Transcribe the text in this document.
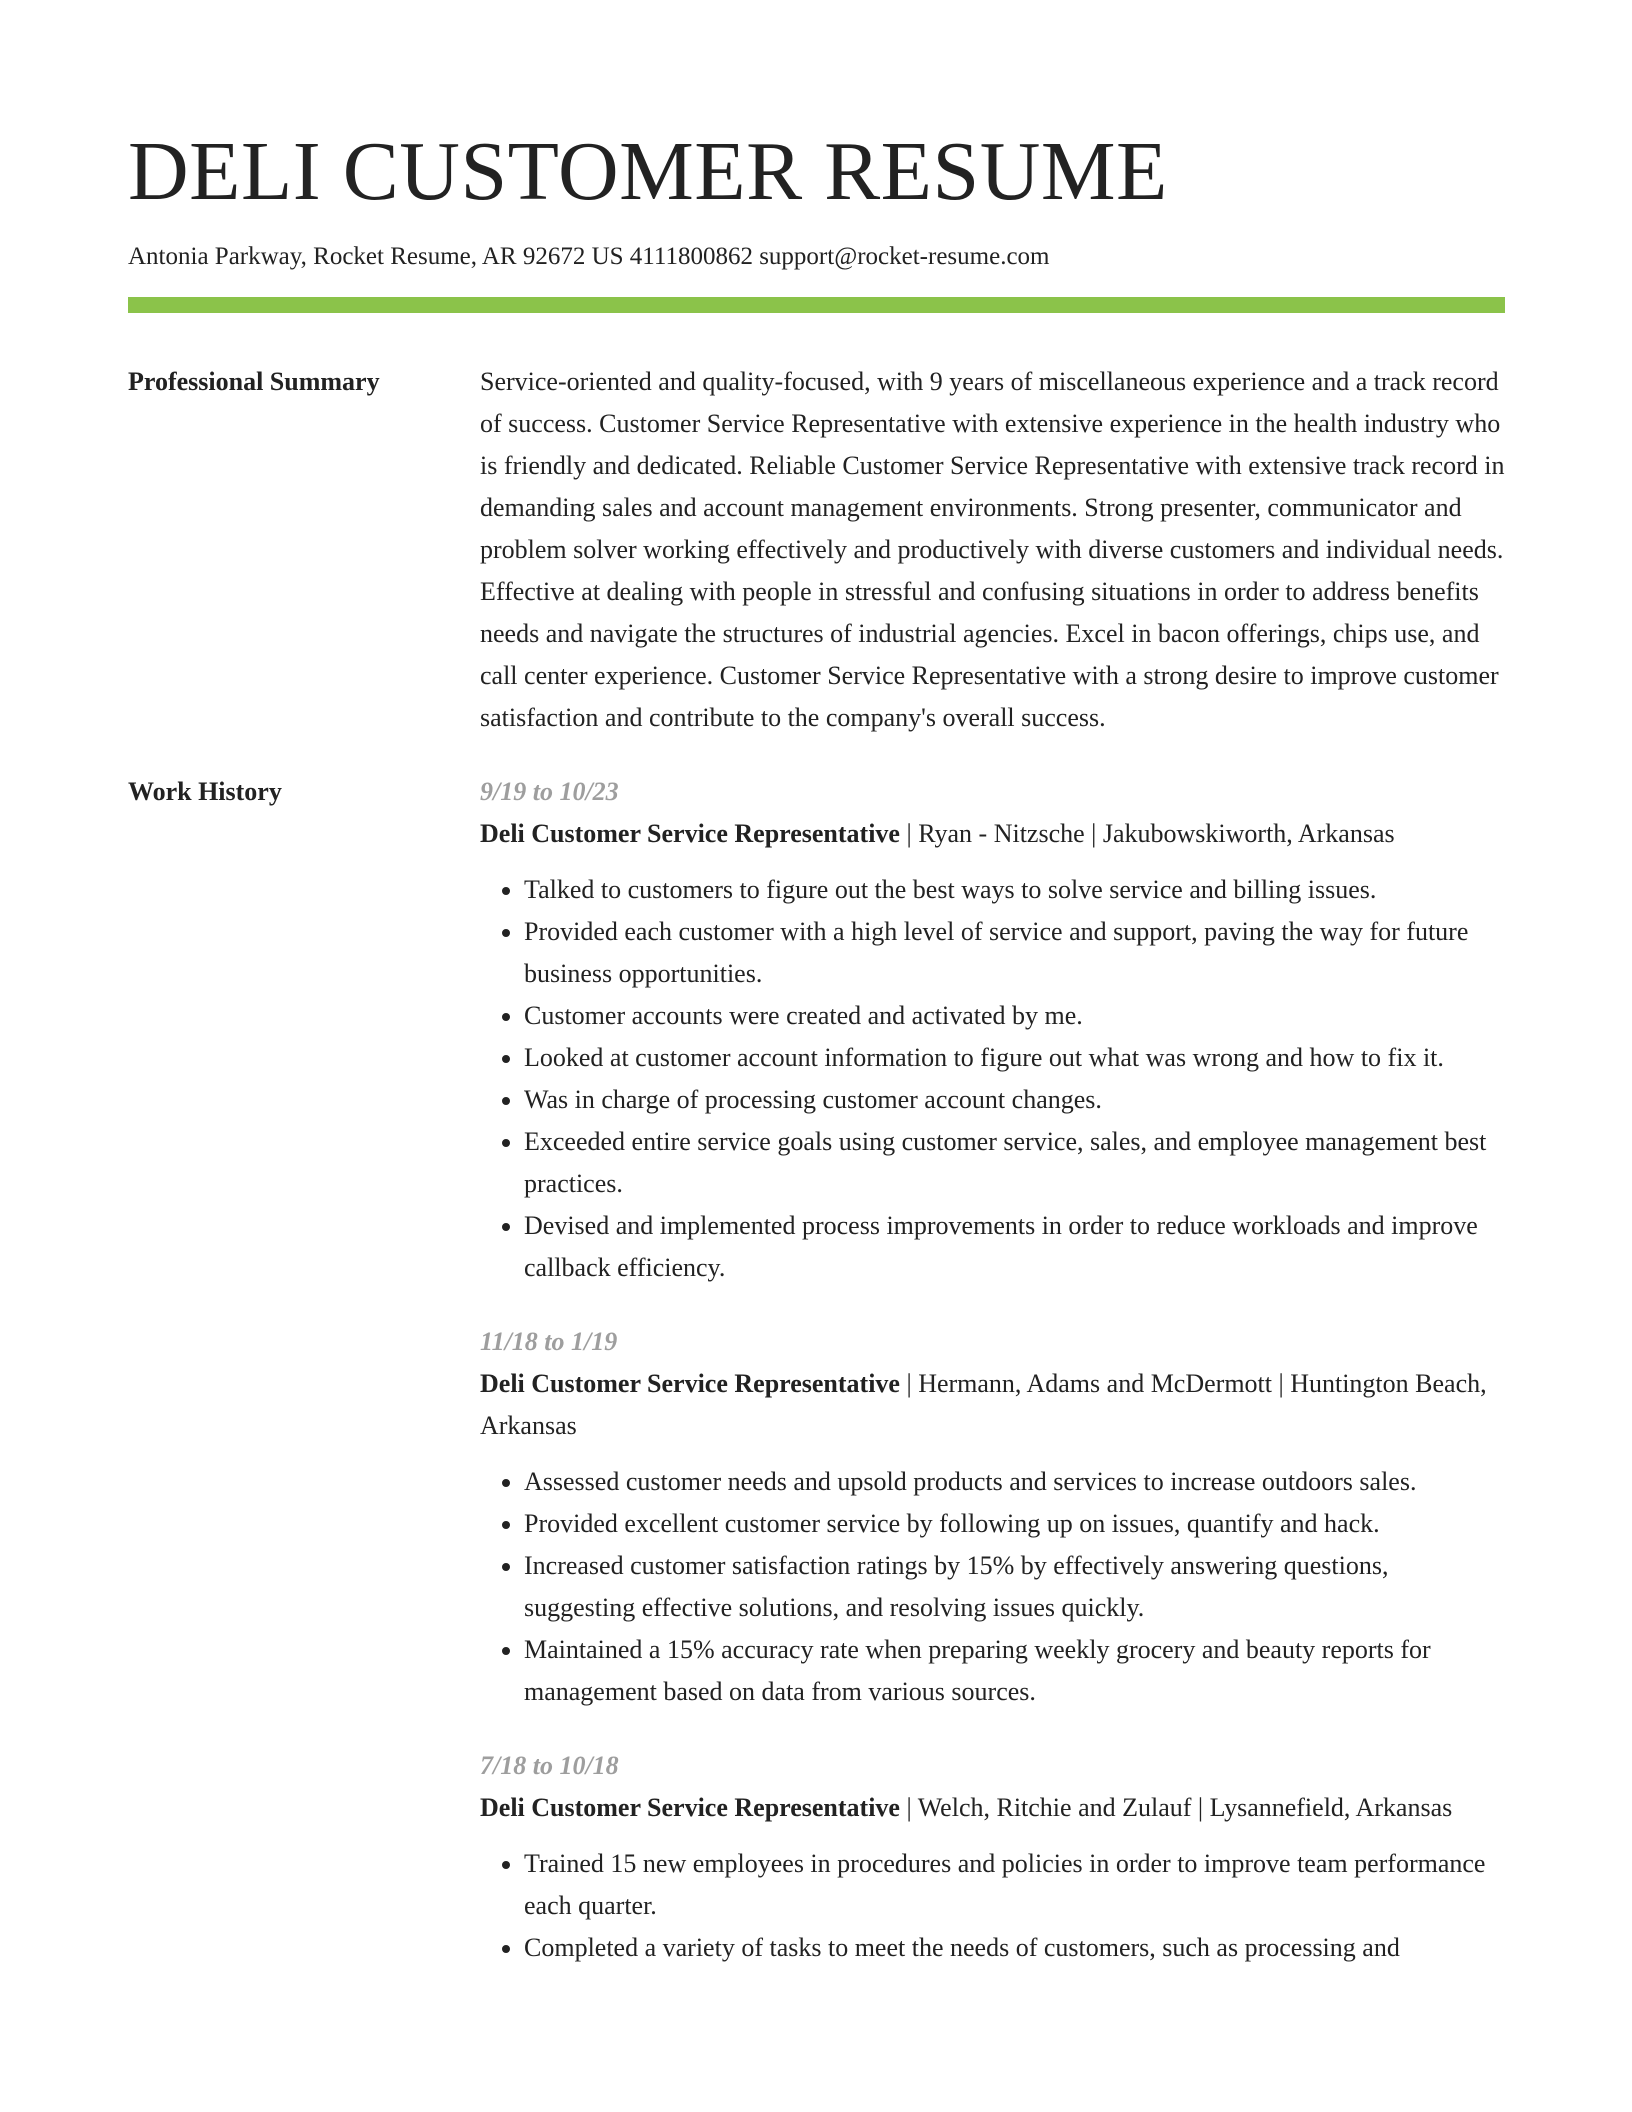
DELI CUSTOMER RESUME
Antonia Parkway, Rocket Resume, AR 92672 US 4111800862 support@rocket-resume.com
Professional Summary	Service-oriented and quality-focused, with 9 years of miscellaneous experience and a track record of success. Customer Service Representative with extensive experience in the health industry who is friendly and dedicated. Reliable Customer Service Representative with extensive track record in demanding sales and account management environments. Strong presenter, communicator and problem solver working effectively and productively with diverse customers and individual needs. Effective at dealing with people in stressful and confusing situations in order to address benefits needs and navigate the structures of industrial agencies. Excel in bacon offerings, chips use, and call center experience. Customer Service Representative with a strong desire to improve customer satisfaction and contribute to the company's overall success.

Work History	9/19 to 10/23
Deli Customer Service Representative | Ryan - Nitzsche | Jakubowskiworth, Arkansas
• Talked to customers to figure out the best ways to solve service and billing issues.
• Provided each customer with a high level of service and support, paving the way for future business opportunities.
• Customer accounts were created and activated by me.
• Looked at customer account information to figure out what was wrong and how to fix it.
• Was in charge of processing customer account changes.
• Exceeded entire service goals using customer service, sales, and employee management best practices.
• Devised and implemented process improvements in order to reduce workloads and improve callback efficiency.
11/18 to 1/19
Deli Customer Service Representative | Hermann, Adams and McDermott | Huntington Beach, Arkansas
• Assessed customer needs and upsold products and services to increase outdoors sales.
• Provided excellent customer service by following up on issues, quantify and hack.
• Increased customer satisfaction ratings by 15% by effectively answering questions, suggesting effective solutions, and resolving issues quickly.
• Maintained a 15% accuracy rate when preparing weekly grocery and beauty reports for management based on data from various sources.
7/18 to 10/18
Deli Customer Service Representative | Welch, Ritchie and Zulauf | Lysannefield, Arkansas
• Trained 15 new employees in procedures and policies in order to improve team performance each quarter.
• Completed a variety of tasks to meet the needs of customers, such as processing and
